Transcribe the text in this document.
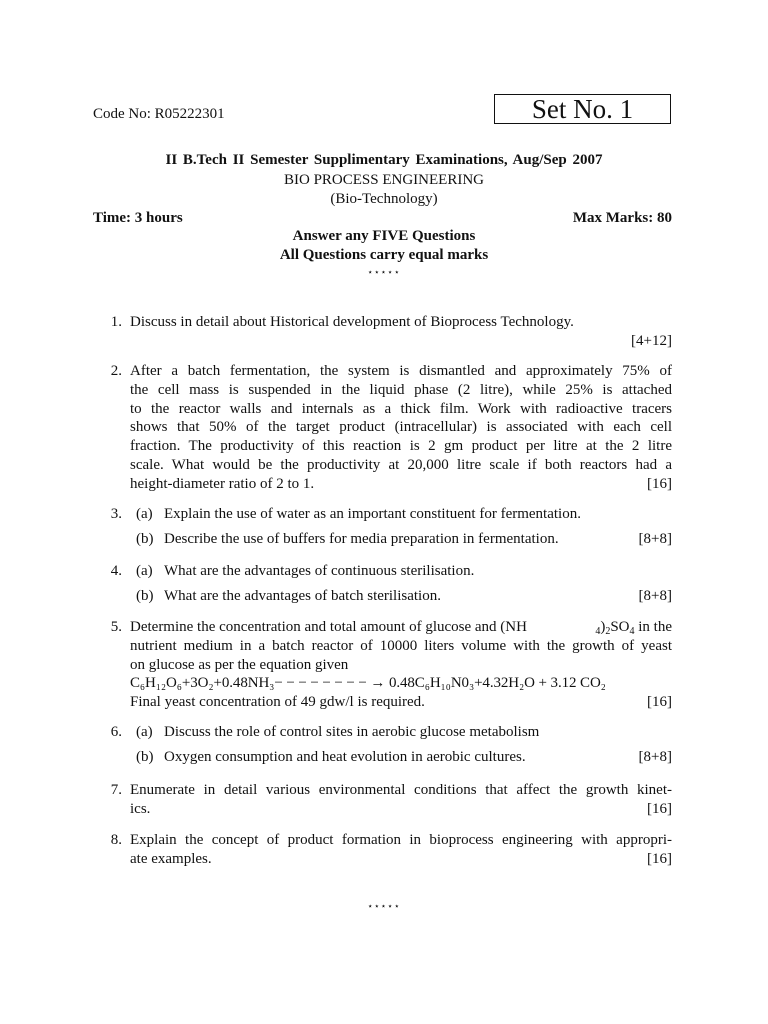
Code No: R05222301	Set No. 1
II B.Tech II Semester Supplimentary Examinations, Aug/Sep 2007
BIO PROCESS ENGINEERING
(Bio-Technology)
Time: 3 hours	Max Marks: 80
Answer any FIVE Questions
All Questions carry equal marks
⋆⋆⋆⋆⋆
1. Discuss in detail about Historical development of Bioprocess Technology.
[4+12]
2. After a batch fermentation, the system is dismantled and approximately 75% of
the cell mass is suspended in the liquid phase (2 litre), while 25% is attached
to the reactor walls and internals as a thick film. Work with radioactive tracers
shows that 50% of the target product (intracellular) is associated with each cell
fraction. The productivity of this reaction is 2 gm product per litre at the 2 litre
scale. What would be the productivity at 20,000 litre scale if both reactors had a
height-diameter ratio of 2 to 1.	[16]
3. (a) Explain the use of water as an important constituent for fermentation.
(b) Describe the use of buffers for media preparation in fermentation.	[8+8]
4. (a) What are the advantages of continuous sterilisation.
(b) What are the advantages of batch sterilisation.	[8+8]
5. Determine the concentration and total amount of glucose and (NH	$_4)_2SO_4$ in the
nutrient medium in a batch reactor of 10000 liters volume with the growth of yeast
on glucose as per the equation given
C₆H₁₂O₆+3O₂+0.48NH₃− − − − − − − − → 0.48C₆H₁₀N0₃+4.32H₂O + 3.12 CO₂
Final yeast concentration of 49 gdw/l is required.	[16]
6. (a) Discuss the role of control sites in aerobic glucose metabolism
(b) Oxygen consumption and heat evolution in aerobic cultures.	[8+8]
7. Enumerate in detail various environmental conditions that affect the growth kinet-
ics.	[16]
8. Explain the concept of product formation in bioprocess engineering with appropri-
ate examples.	[16]
⋆⋆⋆⋆⋆
